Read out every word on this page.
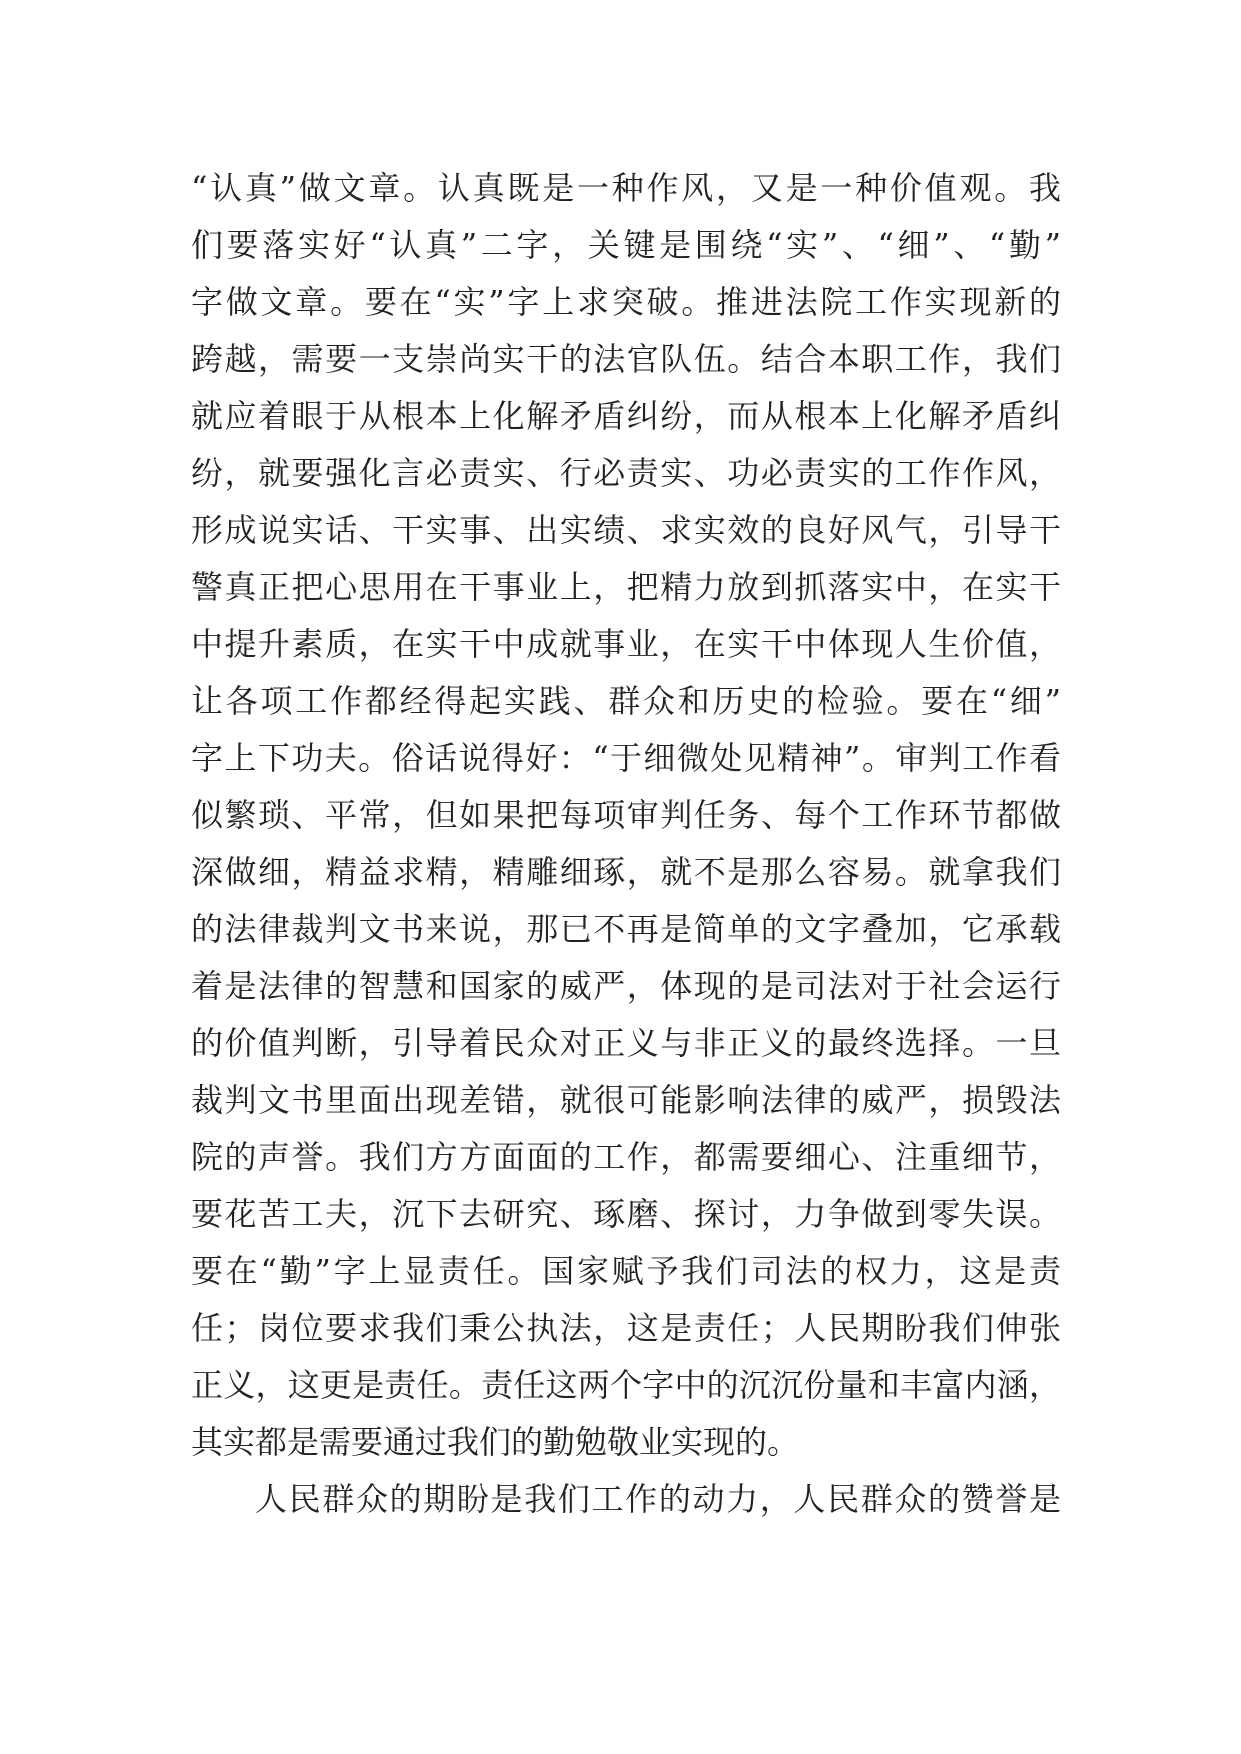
“认真”做文章。认真既是一种作风，又是一种价值观。我
们要落实好“认真”二字，关键是围绕“实”、“细”、“勤”
字做文章。要在“实”字上求突破。推进法院工作实现新的
跨越，需要一支崇尚实干的法官队伍。结合本职工作，我们
就应着眼于从根本上化解矛盾纠纷，而从根本上化解矛盾纠
纷，就要强化言必责实、行必责实、功必责实的工作作风，
形成说实话、干实事、出实绩、求实效的良好风气，引导干
警真正把心思用在干事业上，把精力放到抓落实中，在实干
中提升素质，在实干中成就事业，在实干中体现人生价值，
让各项工作都经得起实践、群众和历史的检验。要在“细”
字上下功夫。俗话说得好：“于细微处见精神”。审判工作看
似繁琐、平常，但如果把每项审判任务、每个工作环节都做
深做细，精益求精，精雕细琢，就不是那么容易。就拿我们
的法律裁判文书来说，那已不再是简单的文字叠加，它承载
着是法律的智慧和国家的威严，体现的是司法对于社会运行
的价值判断，引导着民众对正义与非正义的最终选择。一旦
裁判文书里面出现差错，就很可能影响法律的威严，损毁法
院的声誉。我们方方面面的工作，都需要细心、注重细节，
要花苦工夫，沉下去研究、琢磨、探讨，力争做到零失误。
要在“勤”字上显责任。国家赋予我们司法的权力，这是责
任；岗位要求我们秉公执法，这是责任；人民期盼我们伸张
正义，这更是责任。责任这两个字中的沉沉份量和丰富内涵，
其实都是需要通过我们的勤勉敬业实现的。
人民群众的期盼是我们工作的动力，人民群众的赞誉是
